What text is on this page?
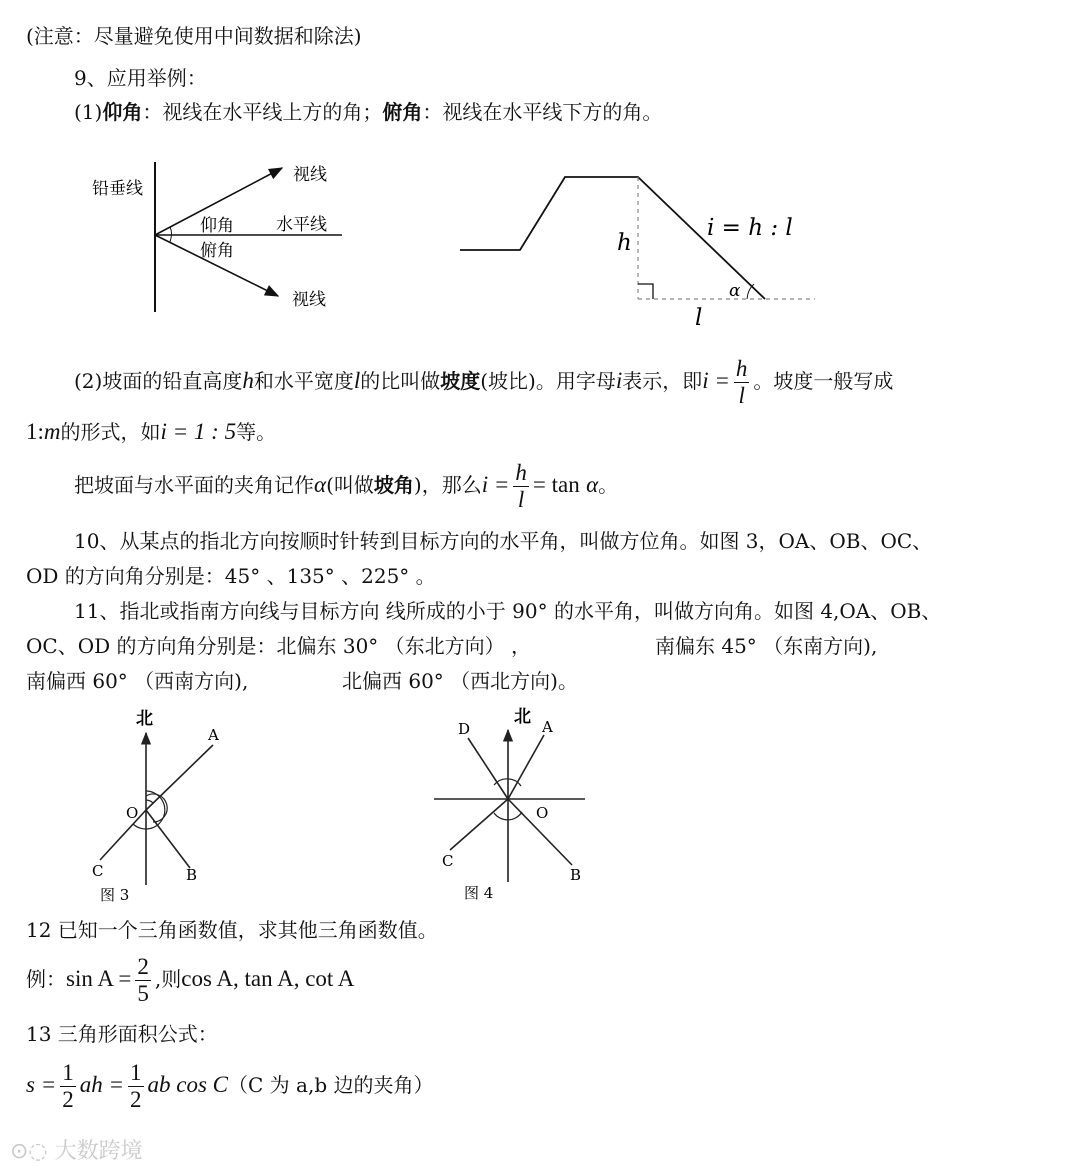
(注意：尽量避免使用中间数据和除法)
9、应用举例：
(1)仰角：视线在水平线上方的角；俯角：视线在水平线下方的角。
铅垂线
视线
仰角 水平线
俯角
视线
h
i = h : l
α
l
(2)坡面的铅直高度h和水平宽度l的比叫做坡度(坡比)。用字母i表示，即$i = \frac{h}{l}$ 。坡度一般写成
1:m的形式，如i = 1 : 5等。
把坡面与水平面的夹角记作α(叫做坡角)，那么$i = \frac{h}{l} = \tan \alpha$。
10、从某点的指北方向按顺时针转到目标方向的水平角，叫做方位角。如图 3，OA、OB、OC、
OD 的方向角分别是：45° 、135° 、225° 。
11、指北或指南方向线与目标方向 线所成的小于 90° 的水平角，叫做方向角。如图 4,OA、OB、
OC、OD 的方向角分别是：北偏东 30° （东北方向） ，	南偏东 45° （东南方向),
南偏西 60° （西南方向),	北偏西 60° （西北方向)。
北
A
O
C	B
图 3
D
北 A
O
C
B
图 4
12 已知一个三角函数值，求其他三角函数值。
例：$\sin A = \frac{2}{5}$ ,则cos A, tan A, cot A
13 三角形面积公式：
$s = \frac{1}{2}$ ah = $\frac{1}{2}$ ab cos C（C 为 a,b 边的夹角）
⊙◌ 大数跨境
